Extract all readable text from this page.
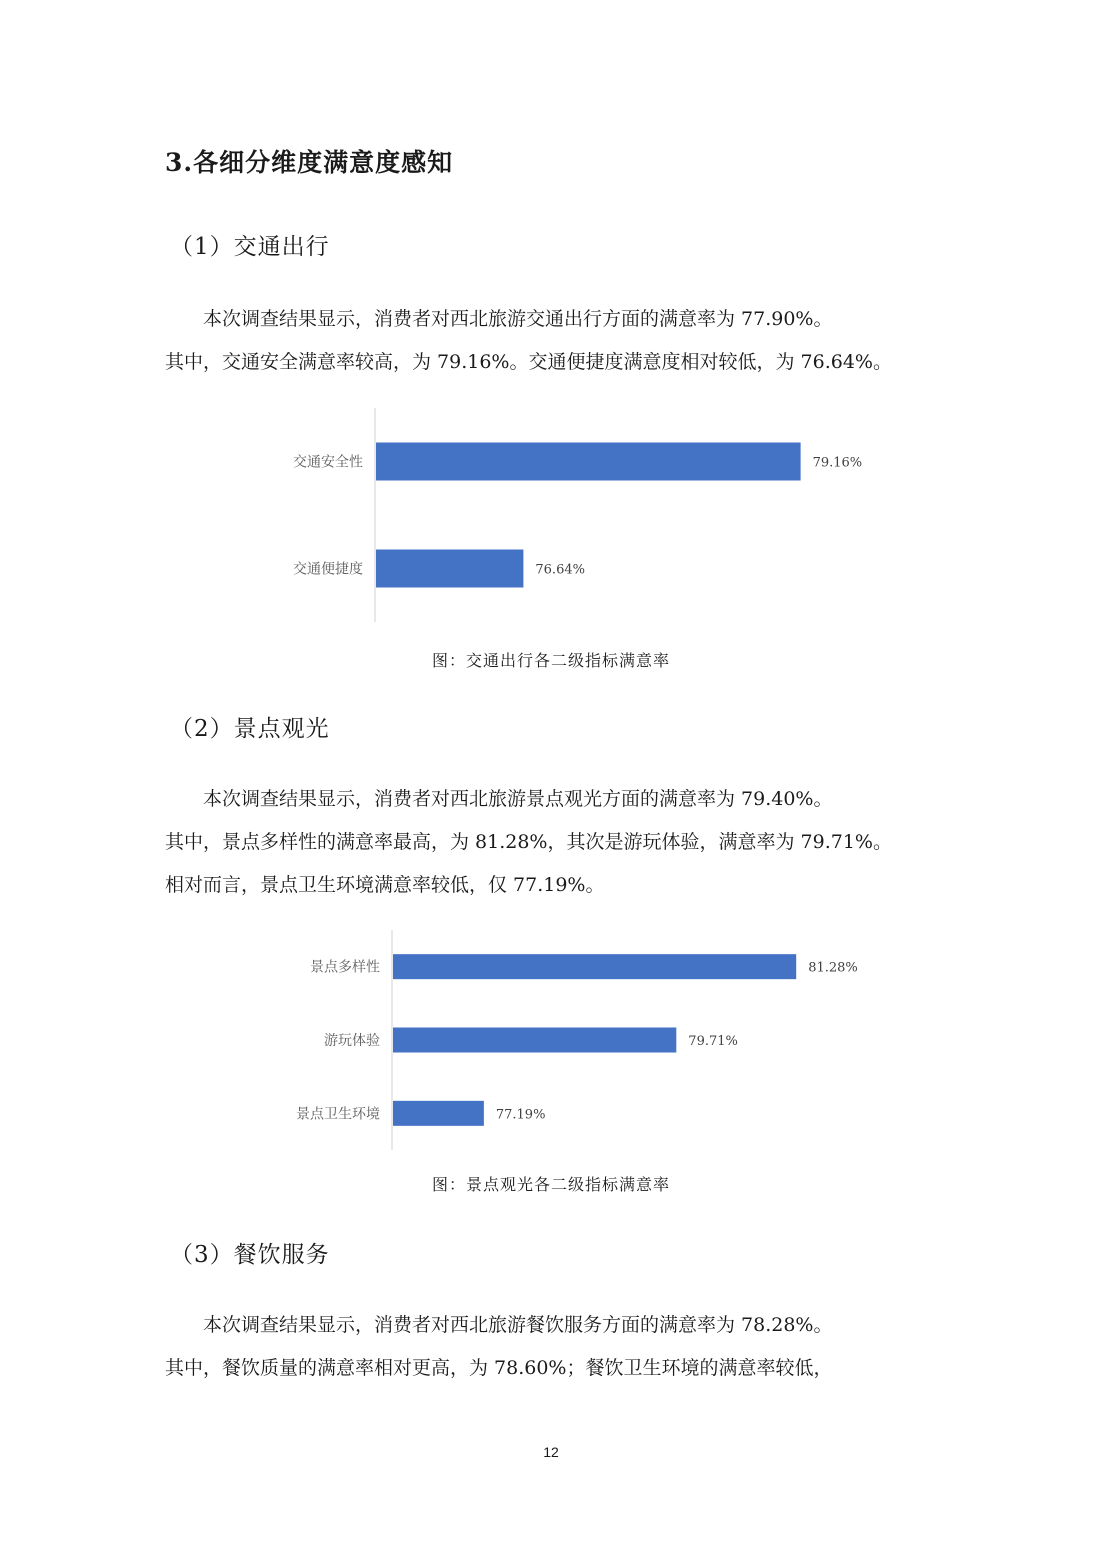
3.各细分维度满意度感知
（1）交通出行
　　本次调查结果显示，消费者对西北旅游交通出行方面的满意率为 77.90%。
其中，交通安全满意率较高，为 79.16%。交通便捷度满意度相对较低，为 76.64%。
交通安全性	79.16%
交通便捷度	76.64%
图：交通出行各二级指标满意率
（2）景点观光
　　本次调查结果显示，消费者对西北旅游景点观光方面的满意率为 79.40%。
其中，景点多样性的满意率最高，为 81.28%，其次是游玩体验，满意率为 79.71%。
相对而言，景点卫生环境满意率较低，仅 77.19%。
景点多样性	81.28%
游玩体验	79.71%
景点卫生环境	77.19%
图：景点观光各二级指标满意率
（3）餐饮服务
　　本次调查结果显示，消费者对西北旅游餐饮服务方面的满意率为 78.28%。
其中，餐饮质量的满意率相对更高，为 78.60%；餐饮卫生环境的满意率较低，
12
